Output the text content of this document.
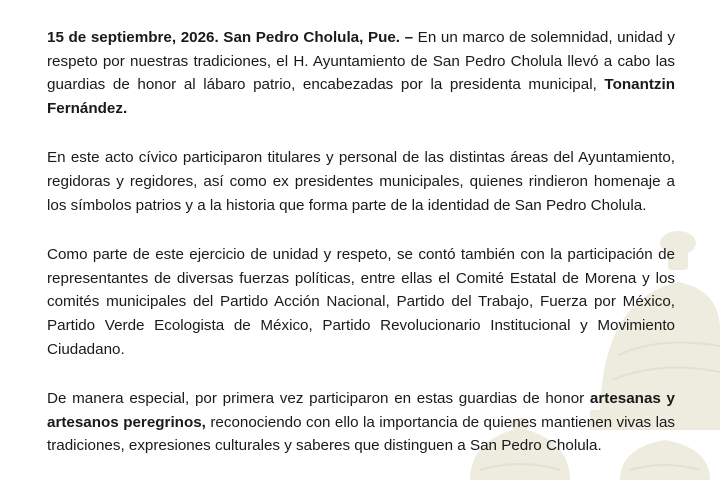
15 de septiembre, 2026. San Pedro Cholula, Pue. – En un marco de solemnidad, unidad y respeto por nuestras tradiciones, el H. Ayuntamiento de San Pedro Cholula llevó a cabo las guardias de honor al lábaro patrio, encabezadas por la presidenta municipal, Tonantzin Fernández.

En este acto cívico participaron titulares y personal de las distintas áreas del Ayuntamiento, regidoras y regidores, así como ex presidentes municipales, quienes rindieron homenaje a los símbolos patrios y a la historia que forma parte de la identidad de San Pedro Cholula.

Como parte de este ejercicio de unidad y respeto, se contó también con la participación de representantes de diversas fuerzas políticas, entre ellas el Comité Estatal de Morena y los comités municipales del Partido Acción Nacional, Partido del Trabajo, Fuerza por México, Partido Verde Ecologista de México, Partido Revolucionario Institucional y Movimiento Ciudadano.

De manera especial, por primera vez participaron en estas guardias de honor artesanas y artesanos peregrinos, reconociendo con ello la importancia de quienes mantienen vivas las tradiciones, expresiones culturales y saberes que distinguen a San Pedro Cholula.
